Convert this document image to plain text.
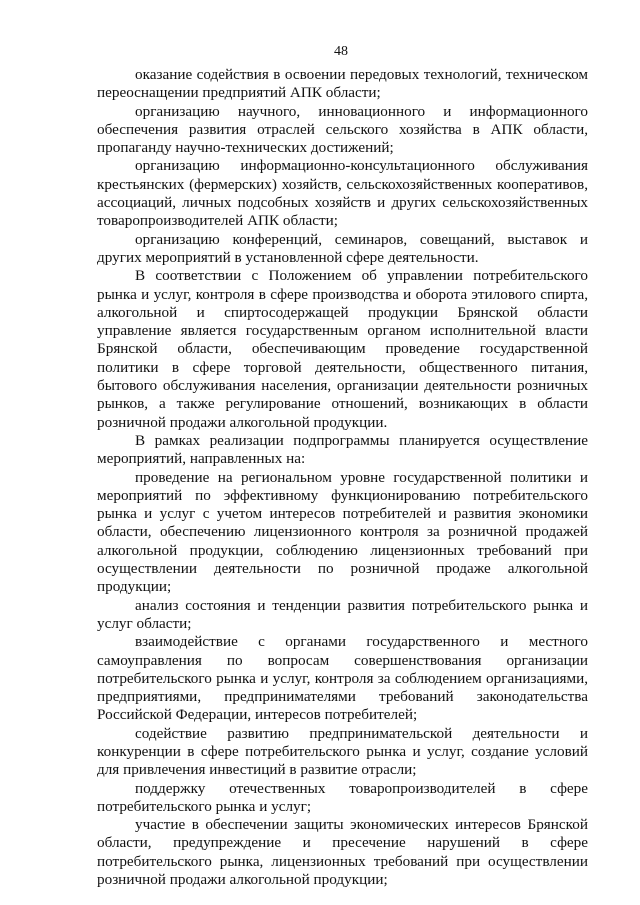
48

оказание содействия в освоении передовых технологий, техническом переоснащении предприятий АПК области;

организацию научного, инновационного и информационного обеспечения развития отраслей сельского хозяйства в АПК области, пропаганду научно-технических достижений;

организацию информационно-консультационного обслуживания крестьянских (фермерских) хозяйств, сельскохозяйственных кооперативов, ассоциаций, личных подсобных хозяйств и других сельскохозяйственных товаропроизводителей АПК области;

организацию конференций, семинаров, совещаний, выставок и других мероприятий в установленной сфере деятельности.

В соответствии с Положением об управлении потребительского рынка и услуг, контроля в сфере производства и оборота этилового спирта, алкогольной и спиртосодержащей продукции Брянской области управление является государственным органом исполнительной власти Брянской области, обеспечивающим проведение государственной политики в сфере торговой деятельности, общественного питания, бытового обслуживания населения, организации деятельности розничных рынков, а также регулирование отношений, возникающих в области розничной продажи алкогольной продукции.

В рамках реализации подпрограммы планируется осуществление мероприятий, направленных на:

проведение на региональном уровне государственной политики и мероприятий по эффективному функционированию потребительского рынка и услуг с учетом интересов потребителей и развития экономики области, обеспечению лицензионного контроля за розничной продажей алкогольной продукции, соблюдению лицензионных требований при осуществлении деятельности по розничной продаже алкогольной продукции;

анализ состояния и тенденции развития потребительского рынка и услуг области;

взаимодействие с органами государственного и местного самоуправления по вопросам совершенствования организации потребительского рынка и услуг, контроля за соблюдением организациями, предприятиями, предпринимателями требований законодательства Российской Федерации, интересов потребителей;

содействие развитию предпринимательской деятельности и конкуренции в сфере потребительского рынка и услуг, создание условий для привлечения инвестиций в развитие отрасли;

поддержку отечественных товаропроизводителей в сфере потребительского рынка и услуг;

участие в обеспечении защиты экономических интересов Брянской области, предупреждение и пресечение нарушений в сфере потребительского рынка, лицензионных требований при осуществлении розничной продажи алкогольной продукции;
